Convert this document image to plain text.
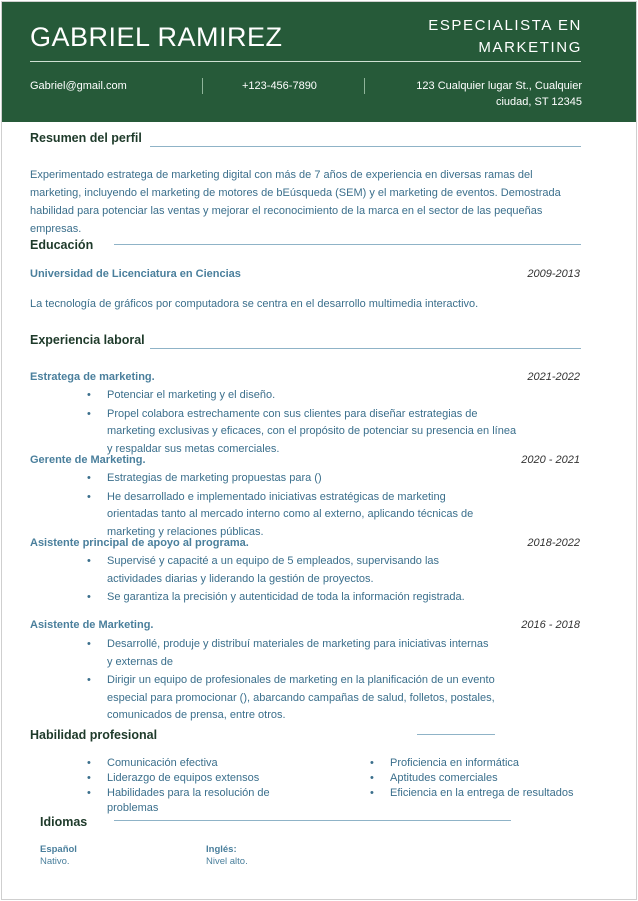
GABRIEL RAMIREZ	ESPECIALISTA EN
MARKETING
Gabriel@gmail.com	+123-456-7890	123 Cualquier lugar St., Cualquier
ciudad, ST 12345
Resumen del perfil
Experimentado estratega de marketing digital con más de 7 años de experiencia en diversas ramas del marketing, incluyendo el marketing de motores de bEúsqueda (SEM) y el marketing de eventos. Demostrada habilidad para potenciar las ventas y mejorar el reconocimiento de la marca en el sector de las pequeñas empresas.
Educación
Universidad de Licenciatura en Ciencias	2009-2013
La tecnología de gráficos por computadora se centra en el desarrollo multimedia interactivo.
Experiencia laboral
Estratega de marketing.	2021-2022
• Potenciar el marketing y el diseño.
• Propel colabora estrechamente con sus clientes para diseñar estrategias de marketing exclusivas y eficaces, con el propósito de potenciar su presencia en línea y respaldar sus metas comerciales.
Gerente de Marketing.	2020 - 2021
• Estrategias de marketing propuestas para ()
• He desarrollado e implementado iniciativas estratégicas de marketing orientadas tanto al mercado interno como al externo, aplicando técnicas de marketing y relaciones públicas.
Asistente principal de apoyo al programa.	2018-2022
• Supervisé y capacité a un equipo de 5 empleados, supervisando las actividades diarias y liderando la gestión de proyectos.
• Se garantiza la precisión y autenticidad de toda la información registrada.
Asistente de Marketing.	2016 - 2018
• Desarrollé, produje y distribuí materiales de marketing para iniciativas internas y externas de
• Dirigir un equipo de profesionales de marketing en la planificación de un evento especial para promocionar (), abarcando campañas de salud, folletos, postales, comunicados de prensa, entre otros.
Habilidad profesional
• Comunicación efectiva
• Liderazgo de equipos extensos
• Habilidades para la resolución de problemas
• Proficiencia en informática
• Aptitudes comerciales
• Eficiencia en la entrega de resultados
Idiomas
Español
Nativo.
Inglés:
Nivel alto.
